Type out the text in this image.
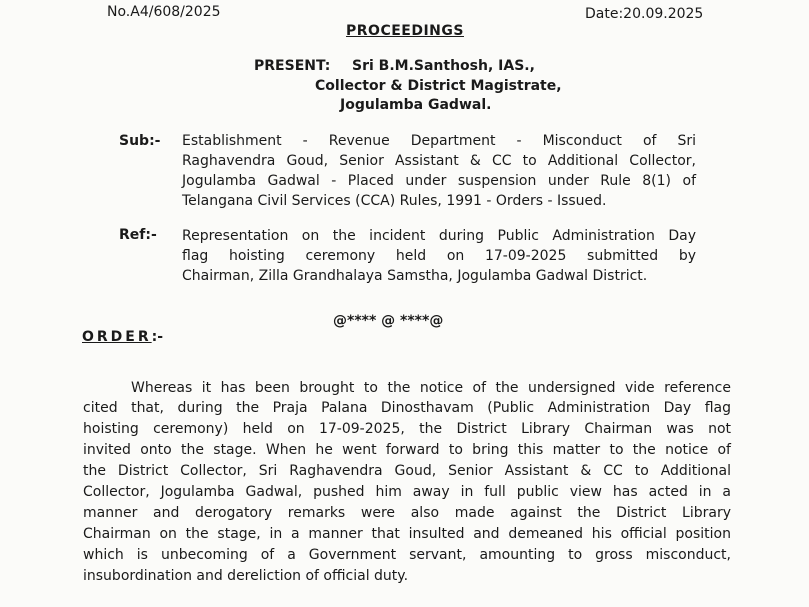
No.A4/608/2025	Date:20.09.2025
PROCEEDINGS
PRESENT: Sri B.M.Santhosh, IAS.,
Collector & District Magistrate,
Jogulamba Gadwal.
Sub:- Establishment - Revenue Department - Misconduct of Sri
Raghavendra Goud, Senior Assistant & CC to Additional Collector,
Jogulamba Gadwal - Placed under suspension under Rule 8(1) of
Telangana Civil Services (CCA) Rules, 1991 - Orders - Issued.
Ref:- Representation on the incident during Public Administration Day
flag hoisting ceremony held on 17-09-2025 submitted by
Chairman, Zilla Grandhalaya Samstha, Jogulamba Gadwal District.
@**** @ ****@
ORDER:-
Whereas it has been brought to the notice of the undersigned vide reference
cited that, during the Praja Palana Dinosthavam (Public Administration Day flag
hoisting ceremony) held on 17-09-2025, the District Library Chairman was not
invited onto the stage. When he went forward to bring this matter to the notice of
the District Collector, Sri Raghavendra Goud, Senior Assistant & CC to Additional
Collector, Jogulamba Gadwal, pushed him away in full public view has acted in a
manner and derogatory remarks were also made against the District Library
Chairman on the stage, in a manner that insulted and demeaned his official position
which is unbecoming of a Government servant, amounting to gross misconduct,
insubordination and dereliction of official duty.
